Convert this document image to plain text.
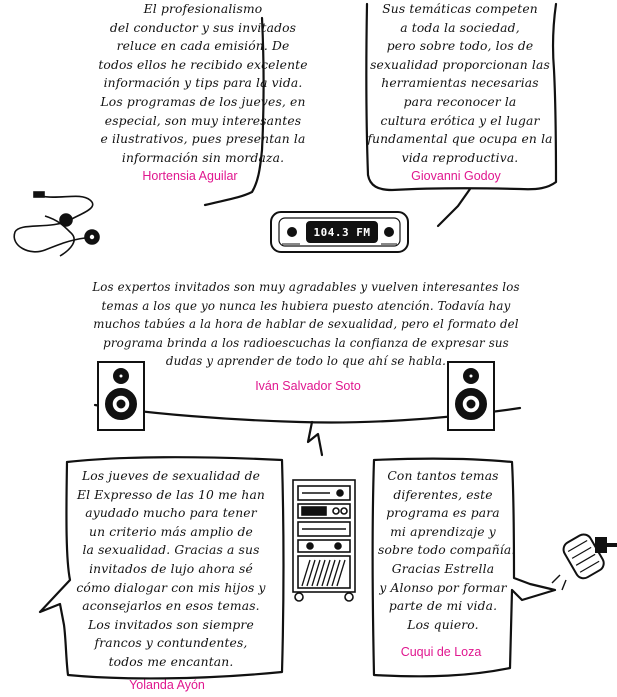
104.3 FM

El profesionalismo
del conductor y sus invitados
reluce en cada emisión. De
todos ellos he recibido excelente
información y tips para la vida.
Los programas de los jueves, en
especial, son muy interesantes
e ilustrativos, pues presentan la
información sin mordaza.

Hortensia Aguilar

Sus temáticas competen
a toda la sociedad,
pero sobre todo, los de
sexualidad proporcionan las
herramientas necesarias
para reconocer la
cultura erótica y el lugar
fundamental que ocupa en la
vida reproductiva.

Giovanni Godoy

Los expertos invitados son muy agradables y vuelven interesantes los
temas a los que yo nunca les hubiera puesto atención. Todavía hay
muchos tabúes a la hora de hablar de sexualidad, pero el formato del
programa brinda a los radioescuchas la confianza de expresar sus
dudas y aprender de todo lo que ahí se habla.

Iván Salvador Soto

Los jueves de sexualidad de
El Expresso de las 10 me han
ayudado mucho para tener
un criterio más amplio de
la sexualidad. Gracias a sus
invitados de lujo ahora sé
cómo dialogar con mis hijos y
aconsejarlos en esos temas.
Los invitados son siempre
francos y contundentes,
todos me encantan.

Yolanda Ayón

Con tantos temas
diferentes, este
programa es para
mi aprendizaje y
sobre todo compañía.
Gracias Estrella
y Alonso por formar
parte de mi vida.
Los quiero.

Cuqui de Loza
